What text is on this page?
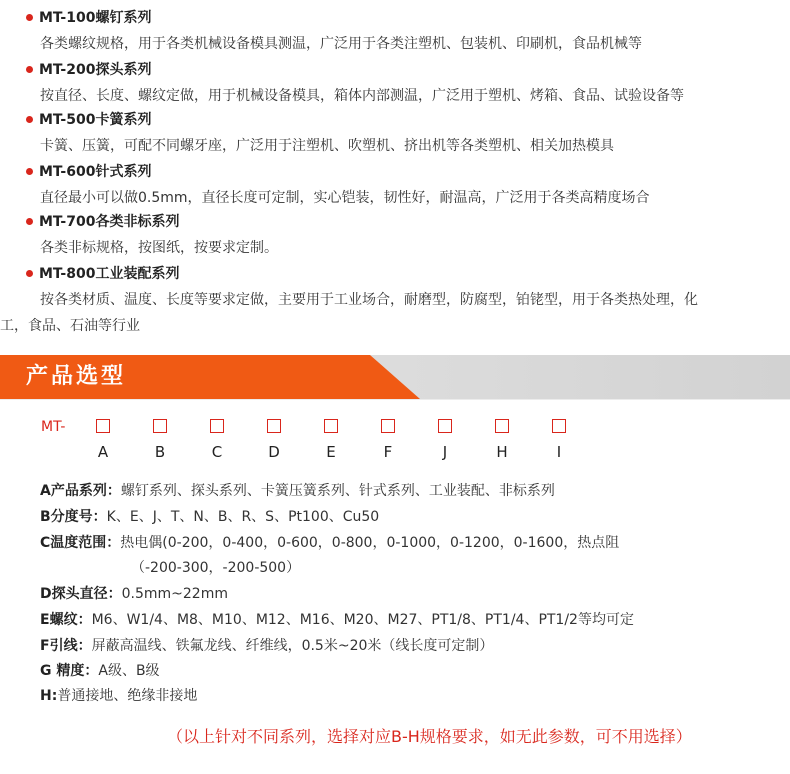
MT-100螺钉系列
各类螺纹规格，用于各类机械设备模具测温，广泛用于各类注塑机、包装机、印刷机，食品机械等
MT-200探头系列
按直径、长度、螺纹定做，用于机械设备模具，箱体内部测温，广泛用于塑机、烤箱、食品、试验设备等
MT-500卡簧系列
卡簧、压簧，可配不同螺牙座，广泛用于注塑机、吹塑机、挤出机等各类塑机、相关加热模具
MT-600针式系列
直径最小可以做0.5mm，直径长度可定制，实心铠装，韧性好，耐温高，广泛用于各类高精度场合
MT-700各类非标系列
各类非标规格，按图纸，按要求定制。
MT-800工业装配系列
按各类材质、温度、长度等要求定做，主要用于工业场合，耐磨型，防腐型，铂铑型，用于各类热处理，化
工，食品、石油等行业
产品选型
MT-
A	B	C	D	E	F	J	H	I
A产品系列：螺钉系列、探头系列、卡簧压簧系列、针式系列、工业装配、非标系列
B分度号：K、E、J、T、N、B、R、S、Pt100、Cu50
C温度范围：热电偶(0-200，0-400，0-600，0-800，0-1000，0-1200，0-1600，热点阻
（-200-300，-200-500）
D探头直径：0.5mm~22mm
E螺纹：M6、W1/4、M8、M10、M12、M16、M20、M27、PT1/8、PT1/4、PT1/2等均可定
F引线：屏蔽高温线、铁氟龙线、纤维线，0.5米~20米（线长度可定制）
G 精度：A级、B级
H:普通接地、绝缘非接地
（以上针对不同系列，选择对应B-H规格要求，如无此参数，可不用选择）
